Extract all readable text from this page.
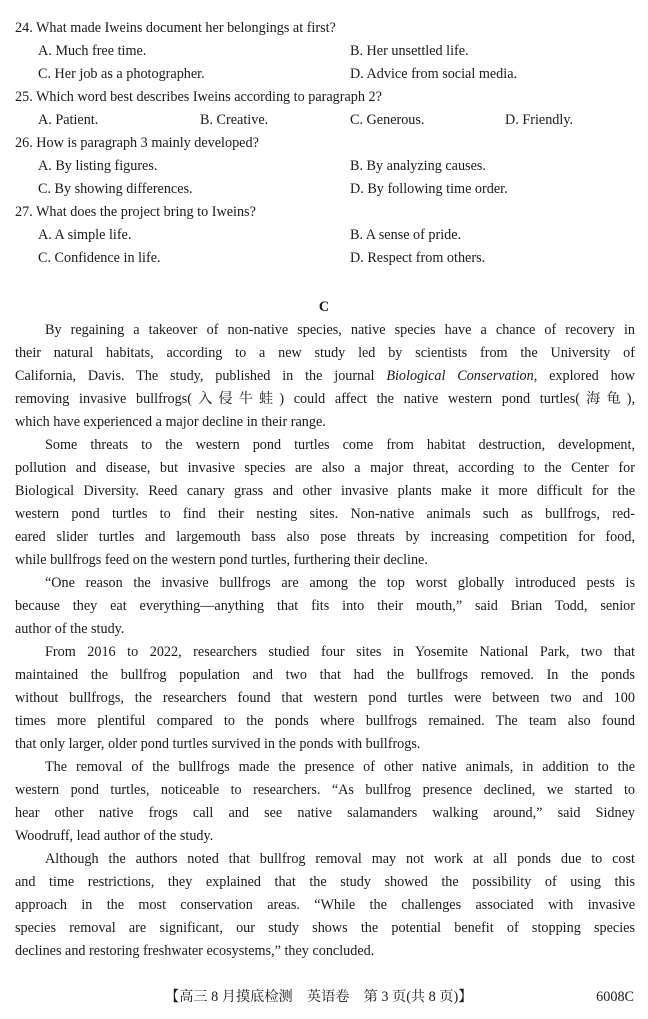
24. What made Iweins document her belongings at first?
A. Much free time.	B. Her unsettled life.
C. Her job as a photographer.	D. Advice from social media.
25. Which word best describes Iweins according to paragraph 2?
A. Patient.	B. Creative.	C. Generous.	D. Friendly.
26. How is paragraph 3 mainly developed?
A. By listing figures.	B. By analyzing causes.
C. By showing differences.	D. By following time order.
27. What does the project bring to Iweins?
A. A simple life.	B. A sense of pride.
C. Confidence in life.	D. Respect from others.
C
By regaining a takeover of non-native species, native species have a chance of recovery in
their natural habitats, according to a new study led by scientists from the University of
California, Davis. The study, published in the journal Biological Conservation, explored how
removing invasive bullfrogs(入侵牛蛙) could affect the native western pond turtles(海龟),
which have experienced a major decline in their range.
Some threats to the western pond turtles come from habitat destruction, development,
pollution and disease, but invasive species are also a major threat, according to the Center for
Biological Diversity. Reed canary grass and other invasive plants make it more difficult for the
western pond turtles to find their nesting sites. Non-native animals such as bullfrogs, red-
eared slider turtles and largemouth bass also pose threats by increasing competition for food,
while bullfrogs feed on the western pond turtles, furthering their decline.
“One reason the invasive bullfrogs are among the top worst globally introduced pests is
because they eat everything—anything that fits into their mouth,” said Brian Todd, senior
author of the study.
From 2016 to 2022, researchers studied four sites in Yosemite National Park, two that
maintained the bullfrog population and two that had the bullfrogs removed. In the ponds
without bullfrogs, the researchers found that western pond turtles were between two and 100
times more plentiful compared to the ponds where bullfrogs remained. The team also found
that only larger, older pond turtles survived in the ponds with bullfrogs.
The removal of the bullfrogs made the presence of other native animals, in addition to the
western pond turtles, noticeable to researchers. “As bullfrog presence declined, we started to
hear other native frogs call and see native salamanders walking around,” said Sidney
Woodruff, lead author of the study.
Although the authors noted that bullfrog removal may not work at all ponds due to cost
and time restrictions, they explained that the study showed the possibility of using this
approach in the most conservation areas. “While the challenges associated with invasive
species removal are significant, our study shows the potential benefit of stopping species
declines and restoring freshwater ecosystems,” they concluded.
【高三 8 月摸底检测　英语卷　第 3 页(共 8 页)】	6008C
